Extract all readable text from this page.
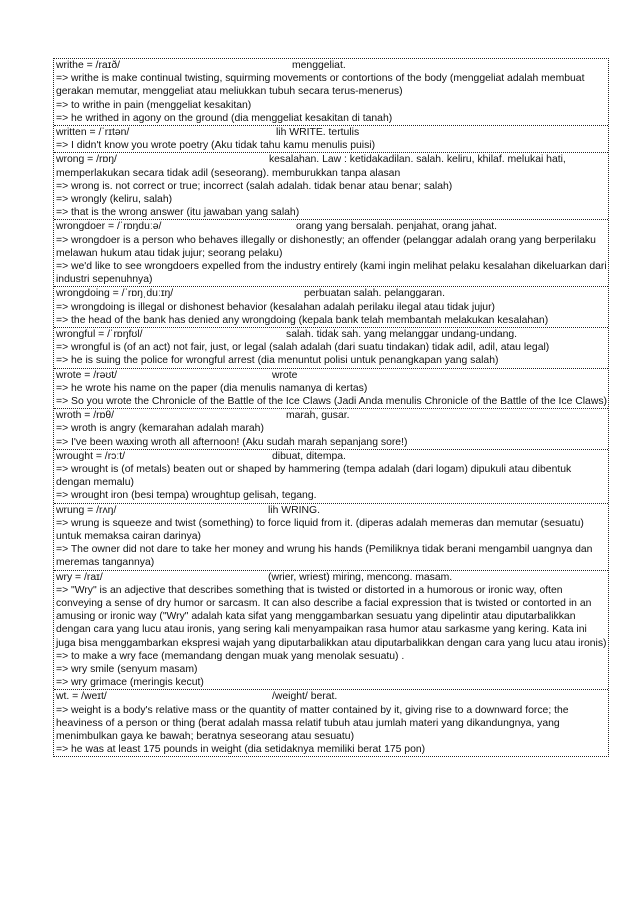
writhe = /raɪð/	menggeliat.

=> writhe is make continual twisting, squirming movements or contortions of the body (menggeliat adalah membuat gerakan memutar, menggeliat atau meliukkan tubuh secara terus-menerus)

=> to writhe in pain (menggeliat kesakitan)

=> he writhed in agony on the ground (dia menggeliat kesakitan di tanah)

written = /ˈrɪtən/	lih WRITE. tertulis

=> I didn't know you wrote poetry (Aku tidak tahu kamu menulis puisi)

wrong = /rɒŋ/	kesalahan. Law : ketidakadilan. salah. keliru, khilaf. melukai hati, memperlakukan secara tidak adil (seseorang). memburukkan tanpa alasan

=> wrong is. not correct or true; incorrect (salah adalah. tidak benar atau benar; salah)

=> wrongly (keliru, salah)

=> that is the wrong answer (itu jawaban yang salah)

wrongdoer = /ˈrɒŋduːə/	orang yang bersalah. penjahat, orang jahat.

=> wrongdoer is a person who behaves illegally or dishonestly; an offender (pelanggar adalah orang yang berperilaku melawan hukum atau tidak jujur; seorang pelaku)

=> we'd like to see wrongdoers expelled from the industry entirely (kami ingin melihat pelaku kesalahan dikeluarkan dari industri sepenuhnya)

wrongdoing = /ˈrɒŋˌduːɪŋ/	perbuatan salah. pelanggaran.

=> wrongdoing is illegal or dishonest behavior (kesalahan adalah perilaku ilegal atau tidak jujur)

=> the head of the bank has denied any wrongdoing (kepala bank telah membantah melakukan kesalahan)

wrongful = /ˈrɒŋfʊl/	salah. tidak sah. yang melanggar undang-undang.

=> wrongful is (of an act) not fair, just, or legal (salah adalah (dari suatu tindakan) tidak adil, adil, atau legal)

=> he is suing the police for wrongful arrest (dia menuntut polisi untuk penangkapan yang salah)

wrote = /rəʊt/	wrote

=> he wrote his name on the paper (dia menulis namanya di kertas)

=> So you wrote the Chronicle of the Battle of the Ice Claws (Jadi Anda menulis Chronicle of the Battle of the Ice Claws)

wroth = /rɒθ/	marah, gusar.

=> wroth is angry (kemarahan adalah marah)

=> I've been waxing wroth all afternoon! (Aku sudah marah sepanjang sore!)

wrought = /rɔːt/	dibuat, ditempa.

=> wrought is (of metals) beaten out or shaped by hammering (tempa adalah (dari logam) dipukuli atau dibentuk dengan memalu)

=> wrought iron (besi tempa) wroughtup gelisah, tegang.

wrung = /rʌŋ/	lih WRING.

=> wrung is squeeze and twist (something) to force liquid from it. (diperas adalah memeras dan memutar (sesuatu) untuk memaksa cairan darinya)

=> The owner did not dare to take her money and wrung his hands (Pemiliknya tidak berani mengambil uangnya dan meremas tangannya)

wry = /raɪ/	(wrier, wriest) miring, mencong. masam.

=> "Wry" is an adjective that describes something that is twisted or distorted in a humorous or ironic way, often conveying a sense of dry humor or sarcasm. It can also describe a facial expression that is twisted or contorted in an amusing or ironic way ("Wry" adalah kata sifat yang menggambarkan sesuatu yang dipelintir atau diputarbalikkan dengan cara yang lucu atau ironis, yang sering kali menyampaikan rasa humor atau sarkasme yang kering. Kata ini juga bisa menggambarkan ekspresi wajah yang diputarbalikkan atau diputarbalikkan dengan cara yang lucu atau ironis)

=> to make a wry face (memandang dengan muak yang menolak sesuatu) .

=> wry smile (senyum masam)

=> wry grimace (meringis kecut)

wt. = /weɪt/	/weight/ berat.

=> weight is a body's relative mass or the quantity of matter contained by it, giving rise to a downward force; the heaviness of a person or thing (berat adalah massa relatif tubuh atau jumlah materi yang dikandungnya, yang menimbulkan gaya ke bawah; beratnya seseorang atau sesuatu)

=> he was at least 175 pounds in weight (dia setidaknya memiliki berat 175 pon)
